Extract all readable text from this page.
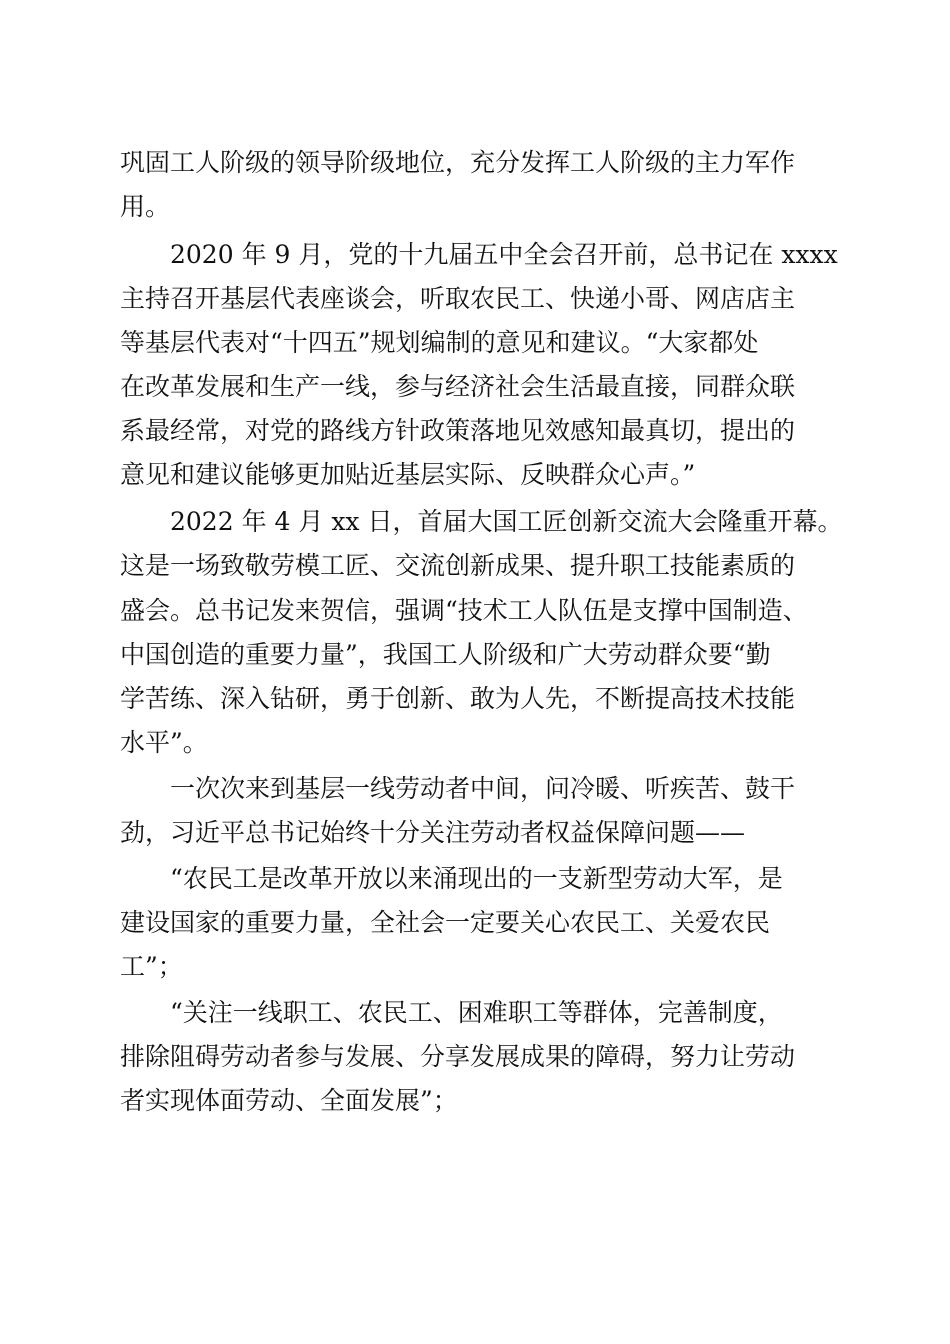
巩固工人阶级的领导阶级地位，充分发挥工人阶级的主力军作
用。
2020 年 9 月，党的十九届五中全会召开前，总书记在 xxxx
主持召开基层代表座谈会，听取农民工、快递小哥、网店店主
等基层代表对“十四五”规划编制的意见和建议。“大家都处
在改革发展和生产一线，参与经济社会生活最直接，同群众联
系最经常，对党的路线方针政策落地见效感知最真切，提出的
意见和建议能够更加贴近基层实际、反映群众心声。”
2022 年 4 月 xx 日，首届大国工匠创新交流大会隆重开幕。
这是一场致敬劳模工匠、交流创新成果、提升职工技能素质的
盛会。总书记发来贺信，强调“技术工人队伍是支撑中国制造、
中国创造的重要力量”，我国工人阶级和广大劳动群众要“勤
学苦练、深入钻研，勇于创新、敢为人先，不断提高技术技能
水平”。
一次次来到基层一线劳动者中间，问冷暖、听疾苦、鼓干
劲，习近平总书记始终十分关注劳动者权益保障问题——
“农民工是改革开放以来涌现出的一支新型劳动大军，是
建设国家的重要力量，全社会一定要关心农民工、关爱农民
工”；
“关注一线职工、农民工、困难职工等群体，完善制度，
排除阻碍劳动者参与发展、分享发展成果的障碍，努力让劳动
者实现体面劳动、全面发展”；
